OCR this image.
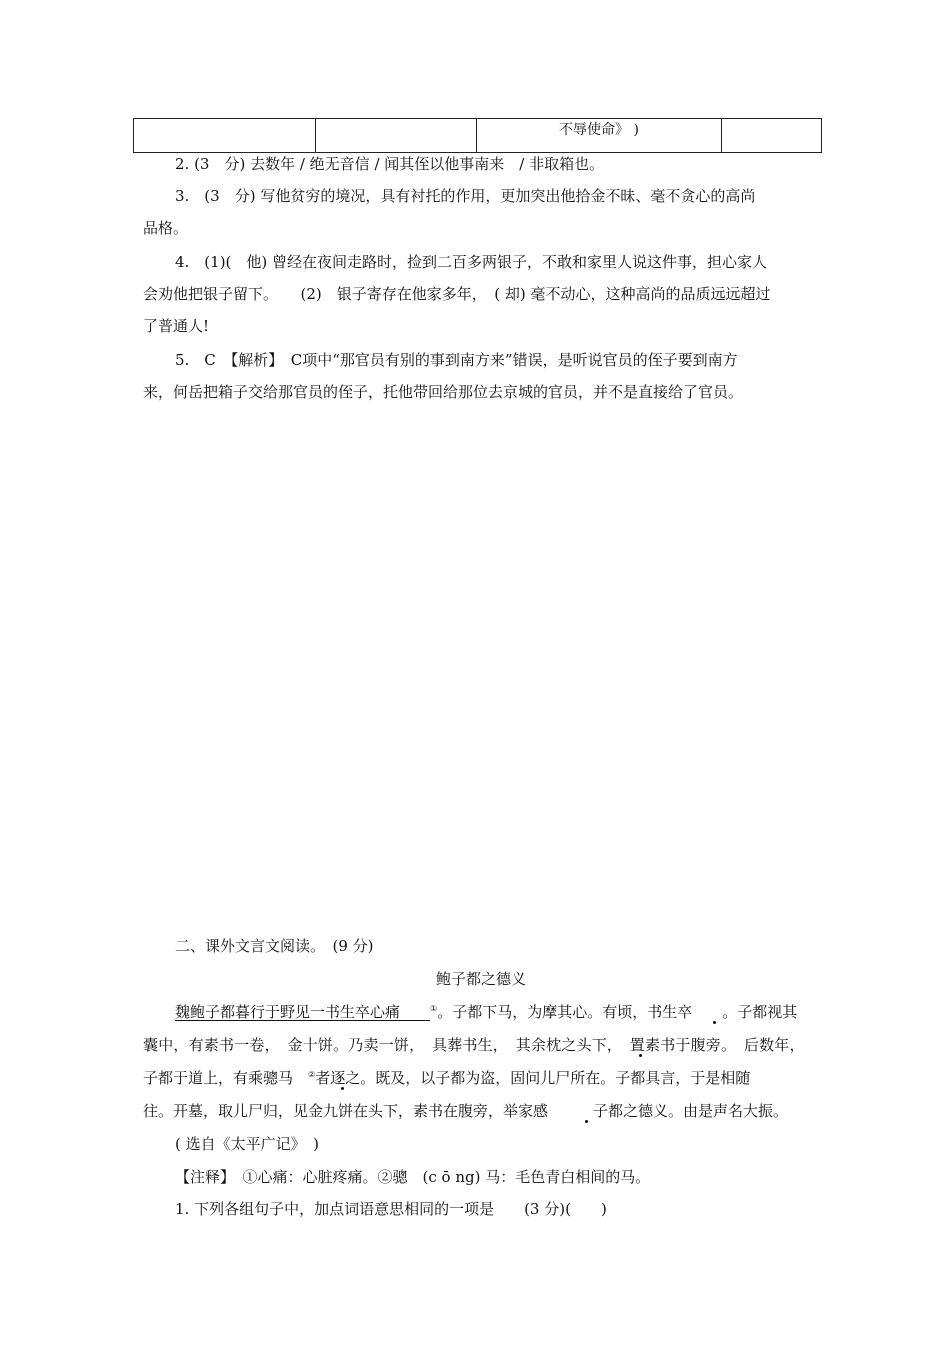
		不辱使命》 )	
2. (3　分) 去数年 / 绝无音信 / 闻其侄以他事南来　/ 非取箱也。
3.　(3　分) 写他贫穷的境况，具有衬托的作用，更加突出他拾金不昧、毫不贪心的高尚
品格。
4.　(1)(　他) 曾经在夜间走路时，捡到二百多两银子，不敢和家里人说这件事，担心家人
会劝他把银子留下。　　(2)　银子寄存在他家多年，　( 却) 毫不动心，这种高尚的品质远远超过
了普通人!
5.　C　【解析】　C项中“那官员有别的事到南方来”错误，是听说官员的侄子要到南方
来，何岳把箱子交给那官员的侄子，托他带回给那位去京城的官员，并不是直接给了官员。
二、课外文言文阅读。　(9 分)
鲍子都之德义
魏鲍子都暮行于野见一书生卒心痛　　	①。子都下马，为摩其心。有顷，书生卒　　。子都视其
囊中，有素书一卷，　金十饼。乃卖一饼，　具葬书生，　其余枕之头下，　置素书于腹旁。　后数年，
子都于道上，有乘骢马　②者逐之。既及，以子都为盗，固问儿尸所在。子都具言，于是相随
往。开墓，取儿尸归，见金九饼在头下，素书在腹旁，举家感　　　子都之德义。由是声名大振。
( 选自《太平广记》　)
【注释】　①心痛：心脏疼痛。②骢　(c ō ng) 马：毛色青白相间的马。
1. 下列各组句子中，加点词语意思相同的一项是　　(3 分)(　　)
